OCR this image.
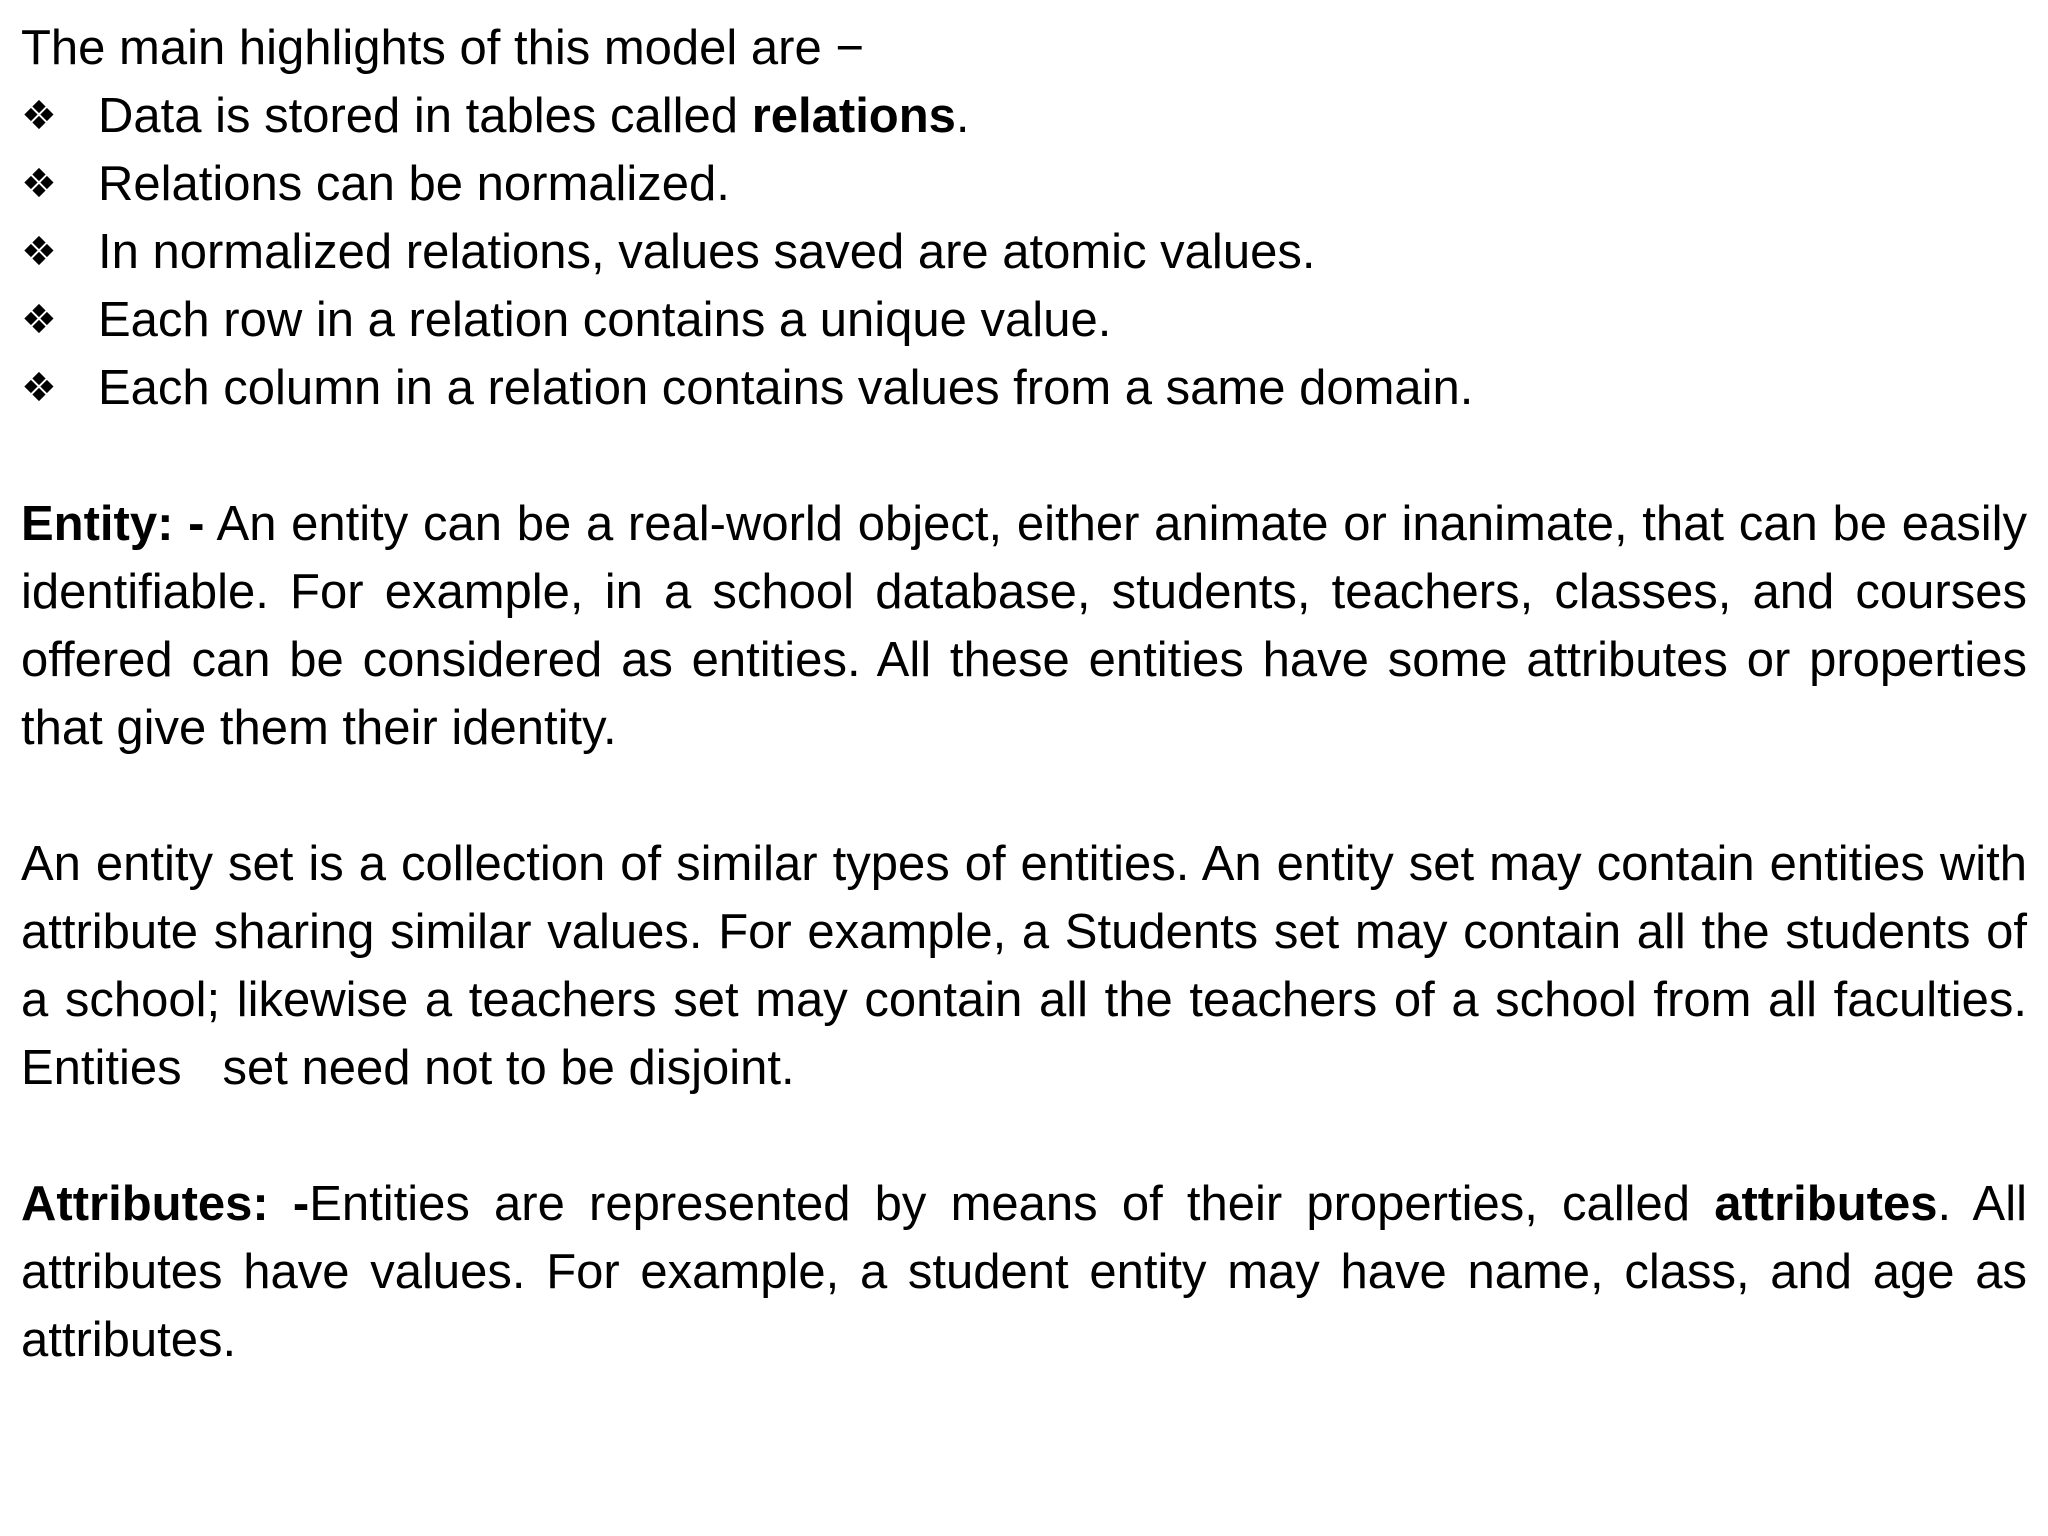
The main highlights of this model are −
❖ Data is stored in tables called relations.
❖ Relations can be normalized.
❖ In normalized relations, values saved are atomic values.
❖ Each row in a relation contains a unique value.
❖ Each column in a relation contains values from a same domain.

Entity: - An entity can be a real-world object, either animate or inanimate, that can be easily identifiable. For example, in a school database, students, teachers, classes, and courses offered can be considered as entities. All these entities have some attributes or properties that give them their identity.

An entity set is a collection of similar types of entities. An entity set may contain entities with attribute sharing similar values. For example, a Students set may contain all the students of a school; likewise a teachers set may contain all the teachers of a school from all faculties. Entities set need not to be disjoint.

Attributes: -Entities are represented by means of their properties, called attributes. All attributes have values. For example, a student entity may have name, class, and age as attributes.
